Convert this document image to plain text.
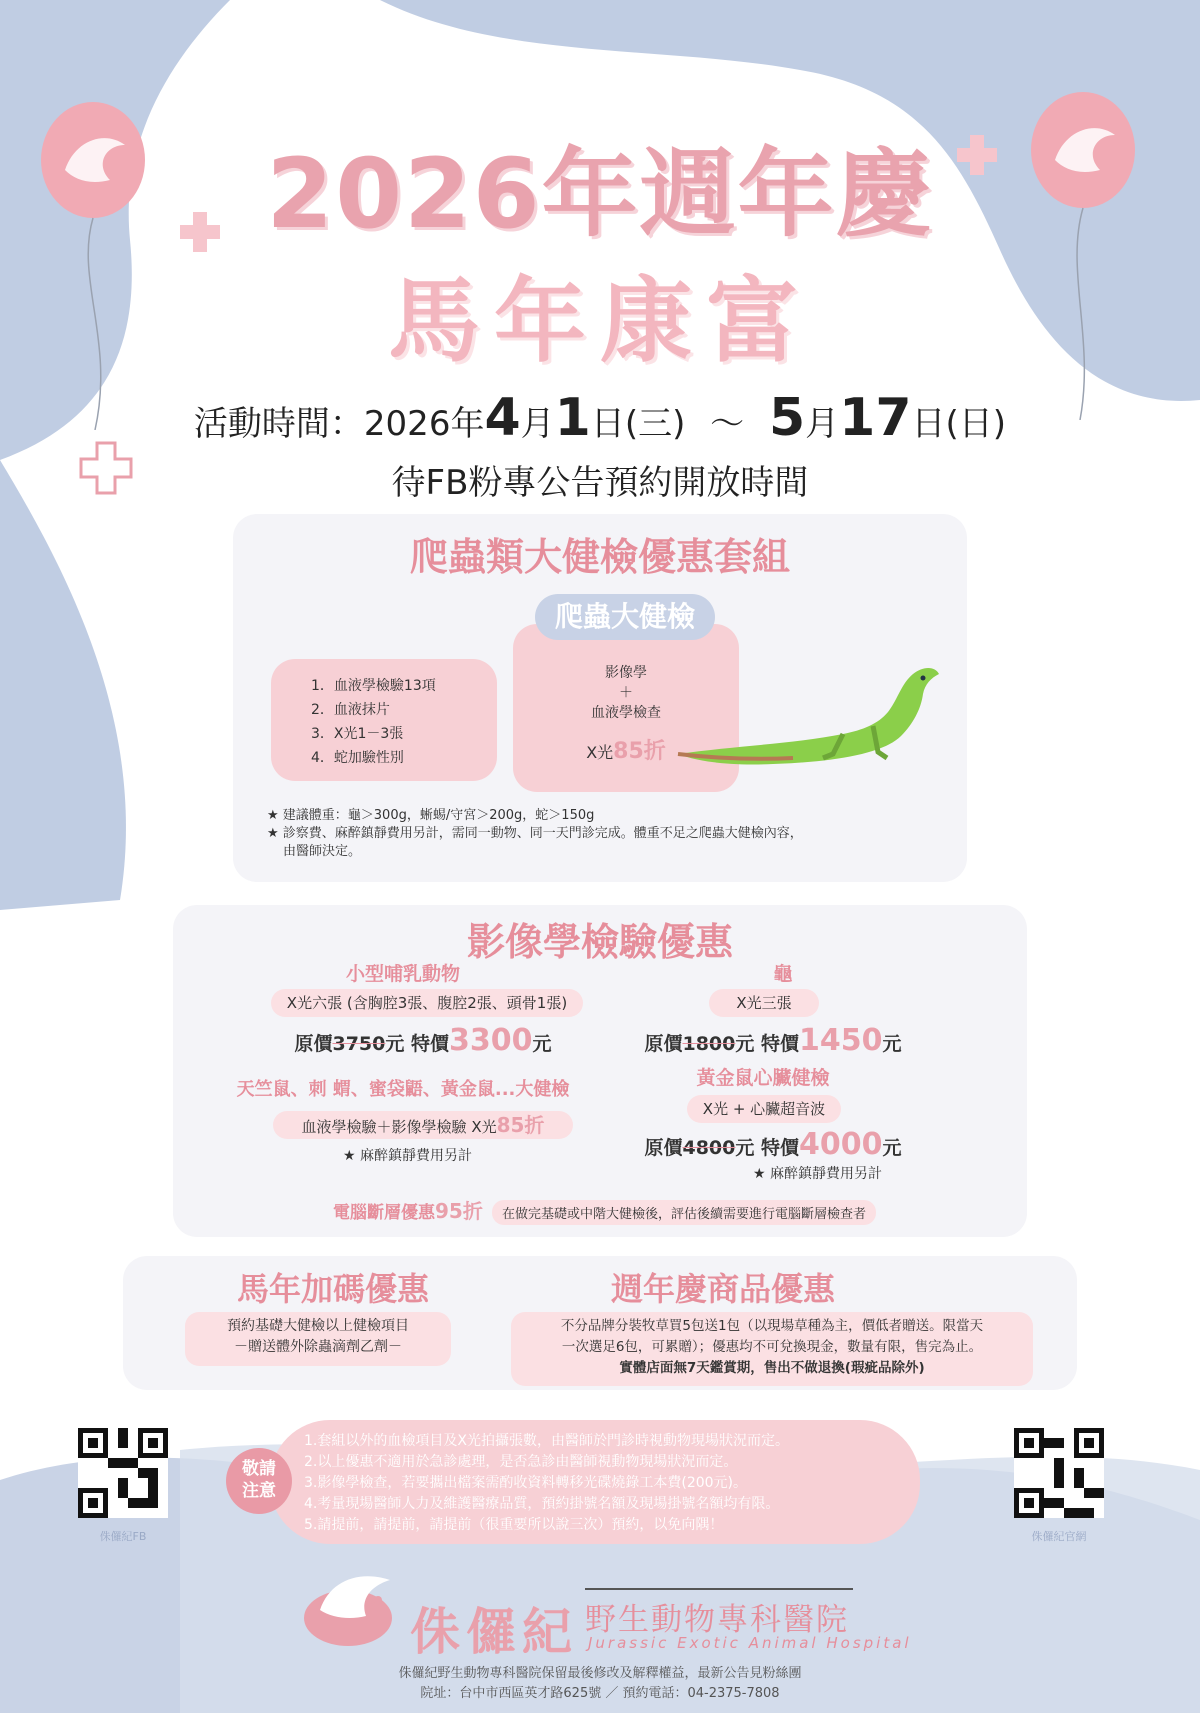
2026年週年慶
馬年康富
活動時間：2026年4月1日(三) ～ 5月17日(日)
待FB粉專公告預約開放時間
爬蟲類大健檢優惠套組
1．血液學檢驗13項
2．血液抹片
3．X光1－3張
4．蛇加驗性別
影像學
＋
血液學檢查
X光85折
爬蟲大健檢
★ 建議體重：龜＞300g，蜥蜴/守宮＞200g，蛇＞150g
★ 診察費、麻醉鎮靜費用另計，需同一動物、同一天門診完成。體重不足之爬蟲大健檢內容，
由醫師決定。
影像學檢驗優惠
小型哺乳動物
X光六張 (含胸腔3張、腹腔2張、頭骨1張)
原價3750元 特價3300元
龜
X光三張
原價1800元 特價1450元
天竺鼠、刺 蝟、蜜袋鼯、黃金鼠...大健檢
血液學檢驗＋影像學檢驗 X光85折
★ 麻醉鎮靜費用另計
黃金鼠心臟健檢
X光 + 心臟超音波
原價4800元 特價4000元
★ 麻醉鎮靜費用另計
電腦斷層優惠95折 在做完基礎或中階大健檢後，評估後續需要進行電腦斷層檢查者
馬年加碼優惠
預約基礎大健檢以上健檢項目
－贈送體外除蟲滴劑乙劑－
週年慶商品優惠
不分品牌分裝牧草買5包送1包（以現場草種為主，價低者贈送。限當天
一次選足6包，可累贈）；優惠均不可兌換現金，數量有限，售完為止。
實體店面無7天鑑賞期，售出不做退換(瑕疵品除外)
侏儸紀FB	侏儸紀官網
1.套組以外的血檢項目及X光拍攝張數，由醫師於門診時視動物現場狀況而定。
2.以上優惠不適用於急診處理，是否急診由醫師視動物現場狀況而定。
3.影像學檢查，若要攜出檔案需酌收資料轉移光碟燒錄工本費(200元)。
4.考量現場醫師人力及維護醫療品質，預約掛號名額及現場掛號名額均有限。
5.請提前，請提前，請提前（很重要所以說三次）預約，以免向隅！
敬請
注意
侏儸紀 野生動物專科醫院
Jurassic Exotic Animal Hospital
侏儸紀野生動物專科醫院保留最後修改及解釋權益，最新公告見粉絲團
院址：台中市西區英才路625號 ／ 預約電話：04-2375-7808
